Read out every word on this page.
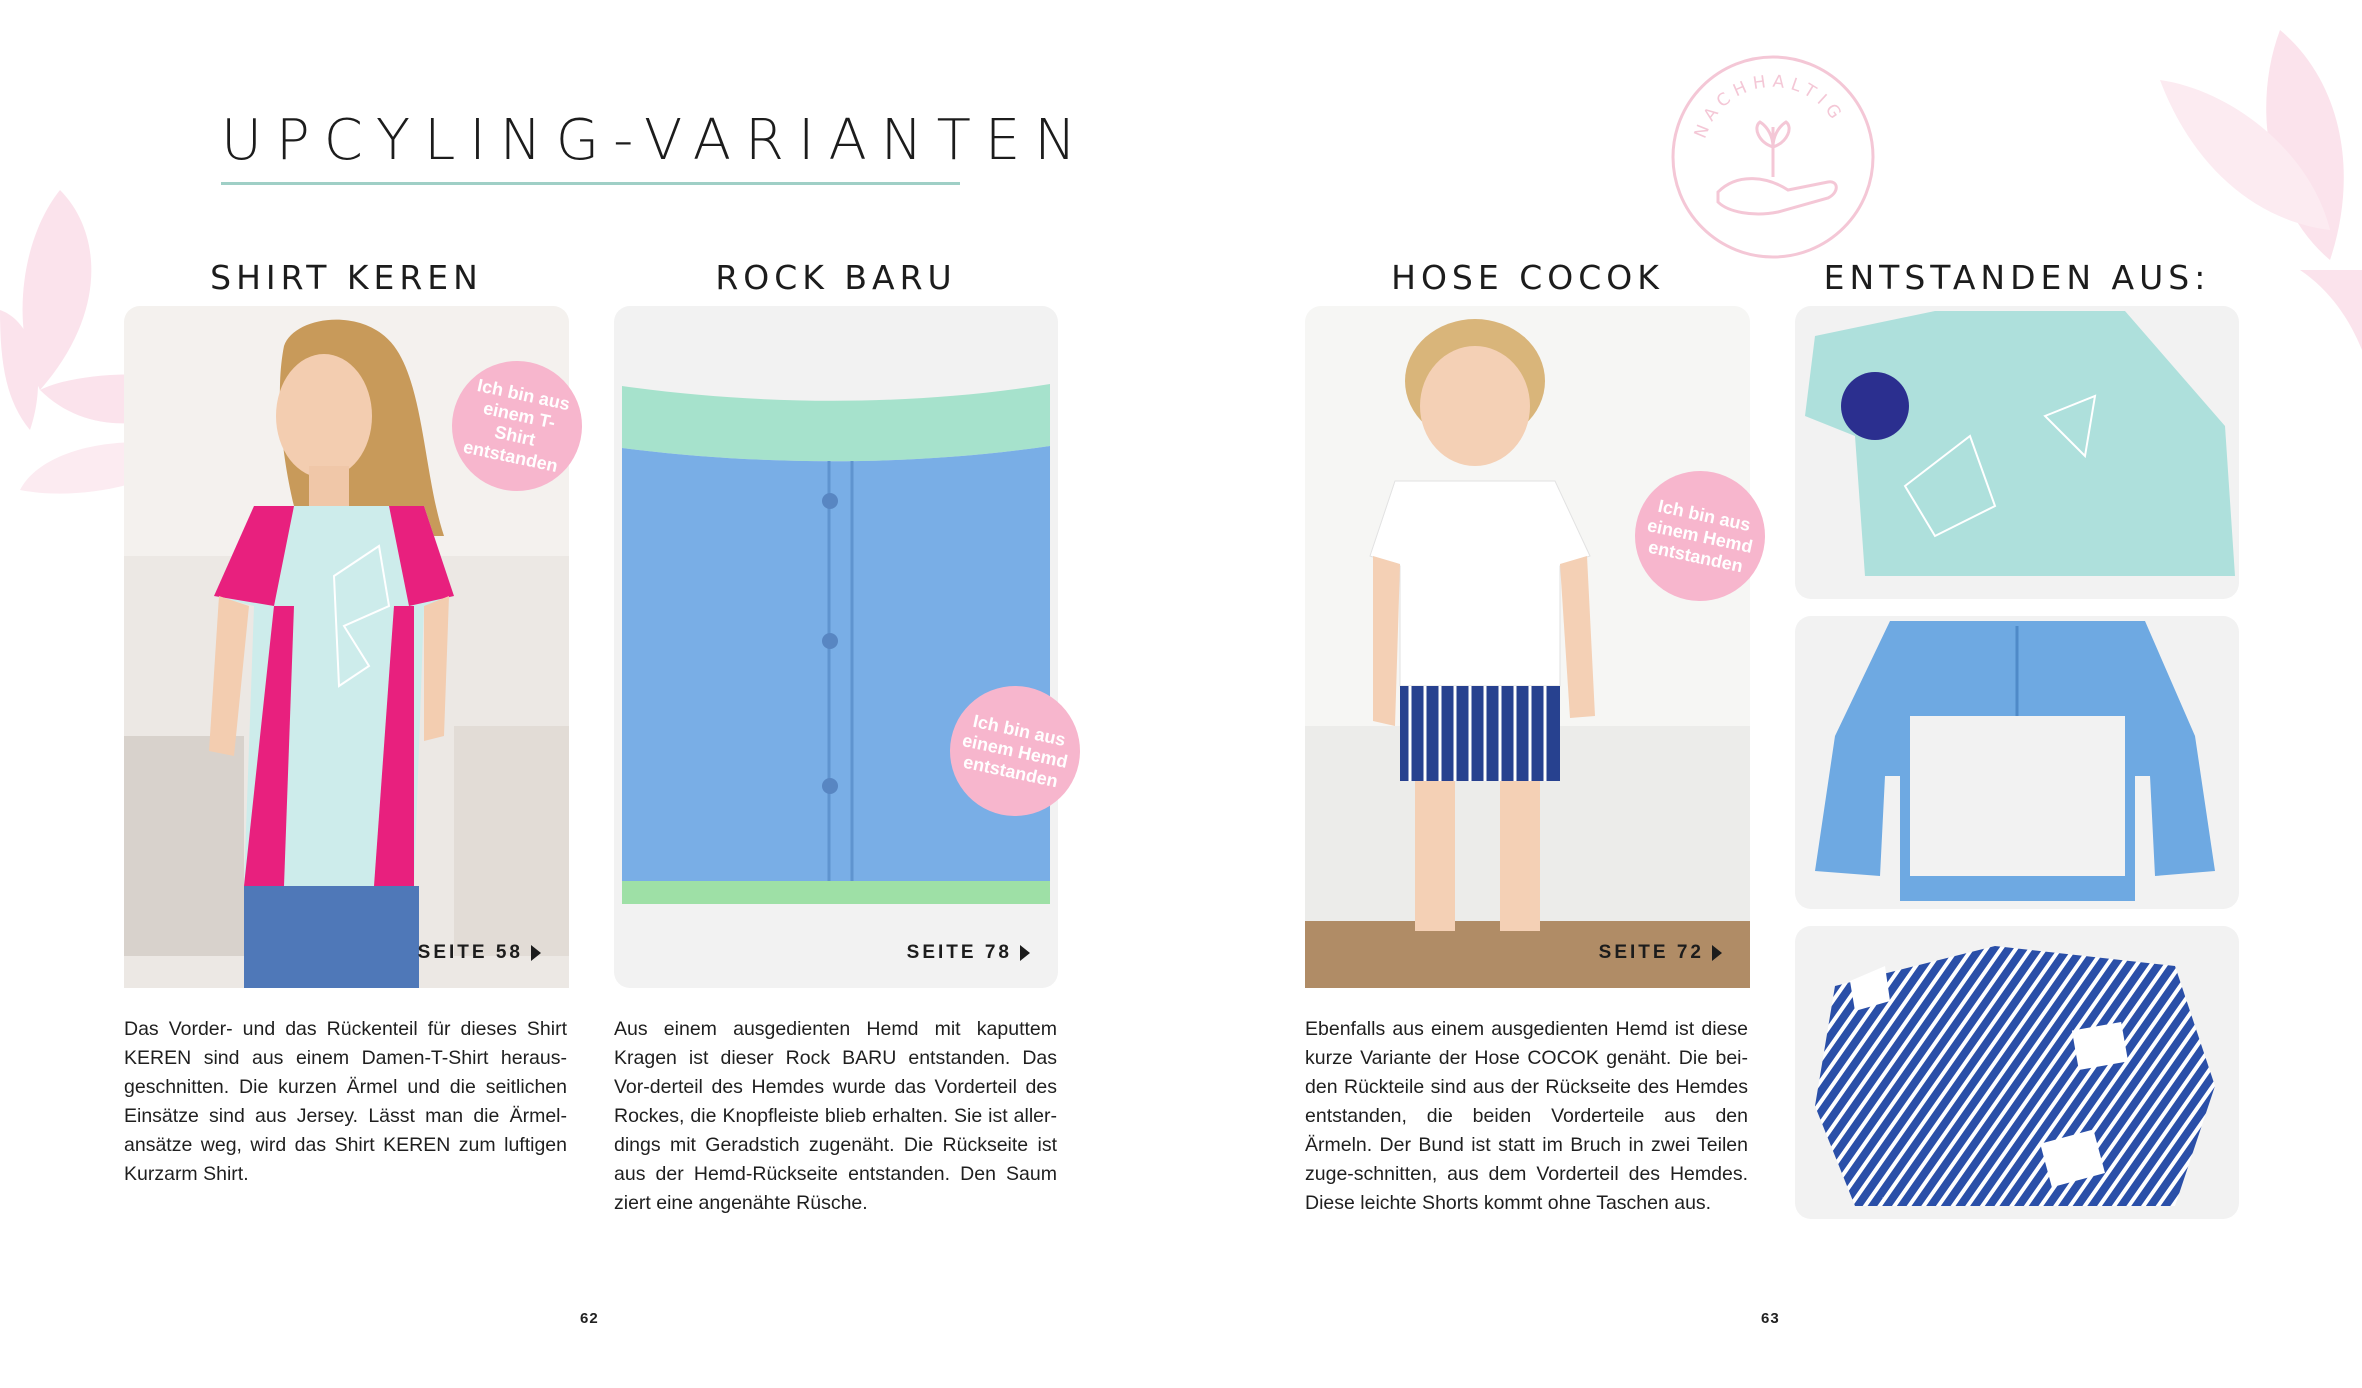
NACHHALTIG
UPCYLING-VARIANTEN
SHIRT KEREN	ROCK BARU	HOSE COCOK	ENTSTANDEN AUS:
Ich bin aus einem T-Shirt entstanden
SEITE 58
Ich bin aus einem Hemd entstanden
SEITE 78
Ich bin aus einem Hemd entstanden
SEITE 72
Das Vorder- und das Rückenteil für dieses Shirt KEREN sind aus einem Damen-T-Shirt heraus-geschnitten. Die kurzen Ärmel und die seitlichen Einsätze sind aus Jersey. Lässt man die Ärmel-ansätze weg, wird das Shirt KEREN zum luftigen Kurzarm Shirt.
Aus einem ausgedienten Hemd mit kaputtem Kragen ist dieser Rock BARU entstanden. Das Vor-derteil des Hemdes wurde das Vorderteil des Rockes, die Knopfleiste blieb erhalten. Sie ist aller-dings mit Geradstich zugenäht. Die Rückseite ist aus der Hemd-Rückseite entstanden. Den Saum ziert eine angenähte Rüsche.
Ebenfalls aus einem ausgedienten Hemd ist diese kurze Variante der Hose COCOK genäht. Die bei-den Rückteile sind aus der Rückseite des Hemdes entstanden, die beiden Vorderteile aus den Ärmeln. Der Bund ist statt im Bruch in zwei Teilen zuge-schnitten, aus dem Vorderteil des Hemdes. Diese leichte Shorts kommt ohne Taschen aus.
62	63
